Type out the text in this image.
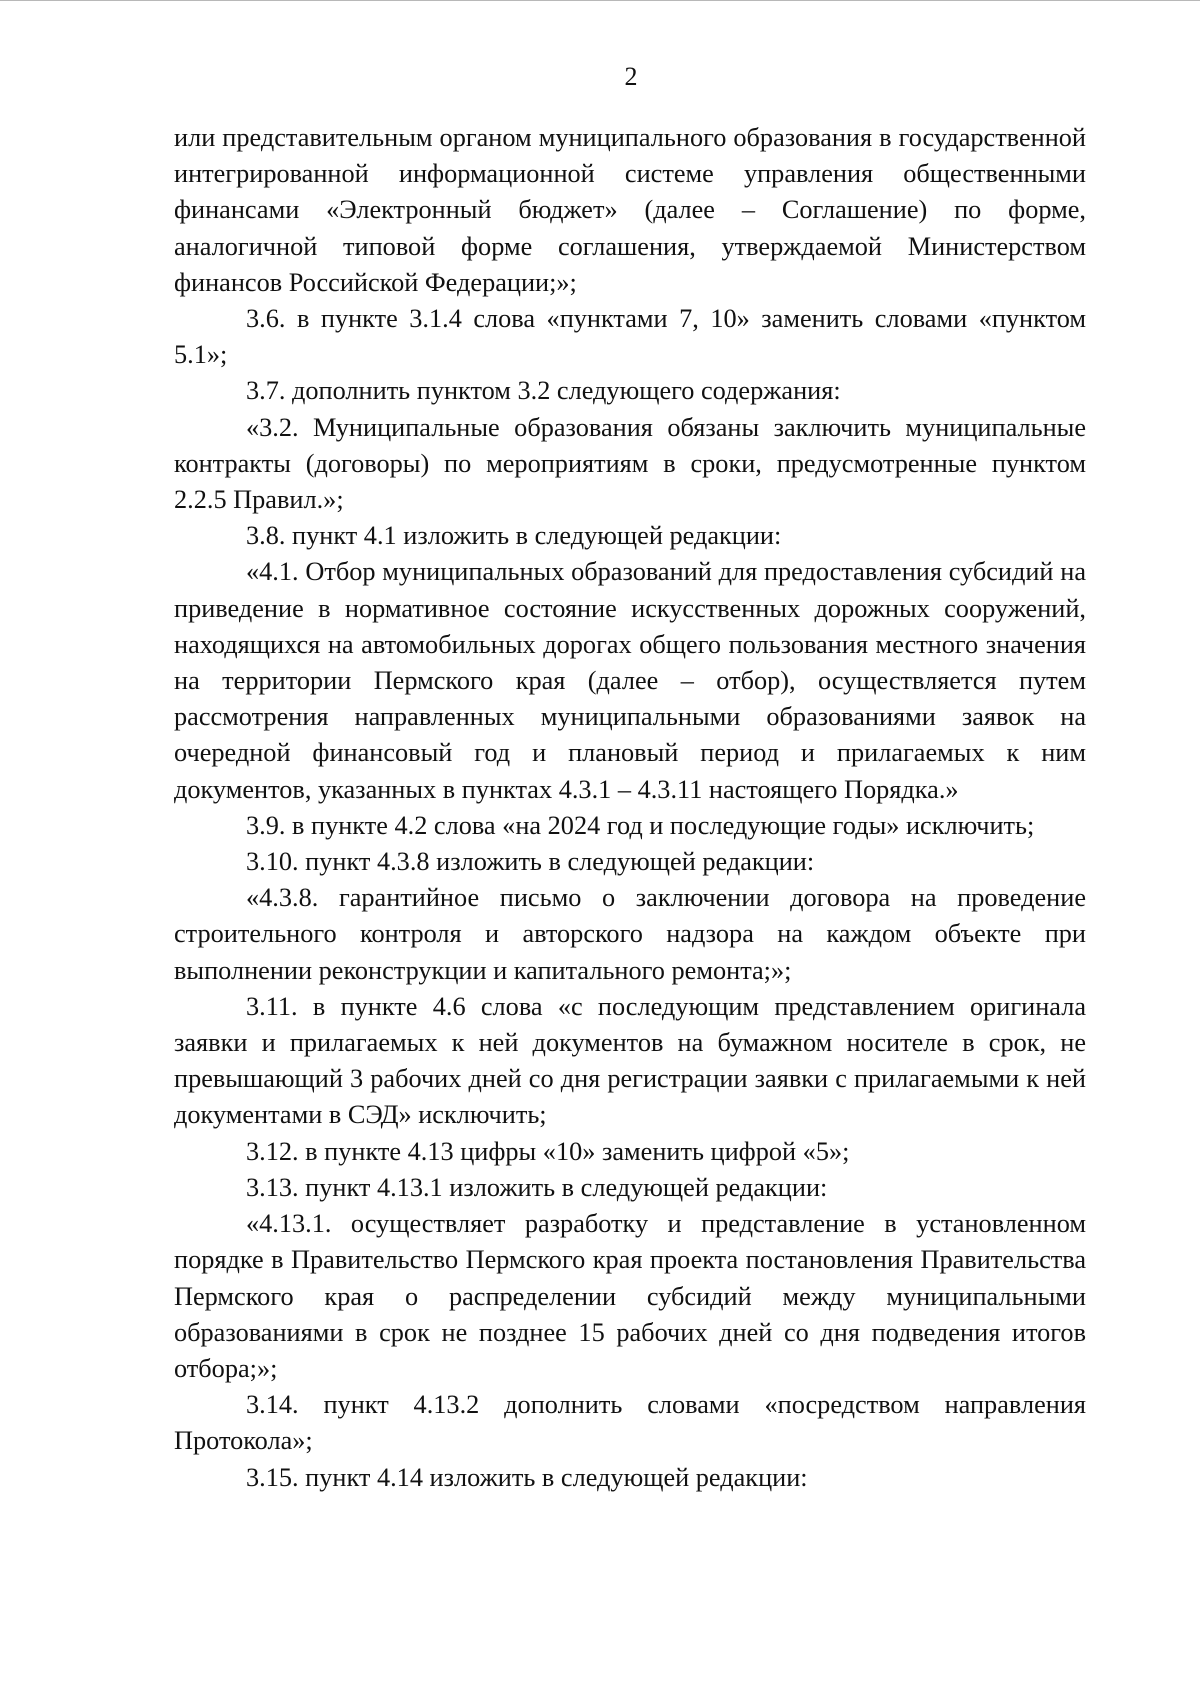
2

или представительным органом муниципального образования в государственной интегрированной информационной системе управления общественными финансами «Электронный бюджет» (далее – Соглашение) по форме, аналогичной типовой форме соглашения, утверждаемой Министерством финансов Российской Федерации;»;

3.6. в пункте 3.1.4 слова «пунктами 7, 10» заменить словами «пунктом 5.1»;

3.7. дополнить пунктом 3.2 следующего содержания:

«3.2. Муниципальные образования обязаны заключить муниципальные контракты (договоры) по мероприятиям в сроки, предусмотренные пунктом 2.2.5 Правил.»;

3.8. пункт 4.1 изложить в следующей редакции:

«4.1. Отбор муниципальных образований для предоставления субсидий на приведение в нормативное состояние искусственных дорожных сооружений, находящихся на автомобильных дорогах общего пользования местного значения на территории Пермского края (далее – отбор), осуществляется путем рассмотрения направленных муниципальными образованиями заявок на очередной финансовый год и плановый период и прилагаемых к ним документов, указанных в пунктах 4.3.1 – 4.3.11 настоящего Порядка.»

3.9. в пункте 4.2 слова «на 2024 год и последующие годы» исключить;

3.10. пункт 4.3.8 изложить в следующей редакции:

«4.3.8. гарантийное письмо о заключении договора на проведение строительного контроля и авторского надзора на каждом объекте при выполнении реконструкции и капитального ремонта;»;

3.11. в пункте 4.6 слова «с последующим представлением оригинала заявки и прилагаемых к ней документов на бумажном носителе в срок, не превышающий 3 рабочих дней со дня регистрации заявки с прилагаемыми к ней документами в СЭД» исключить;

3.12. в пункте 4.13 цифры «10» заменить цифрой «5»;

3.13. пункт 4.13.1 изложить в следующей редакции:

«4.13.1. осуществляет разработку и представление в установленном порядке в Правительство Пермского края проекта постановления Правительства Пермского края о распределении субсидий между муниципальными образованиями в срок не позднее 15 рабочих дней со дня подведения итогов отбора;»;

3.14. пункт 4.13.2 дополнить словами «посредством направления Протокола»;

3.15. пункт 4.14 изложить в следующей редакции:
